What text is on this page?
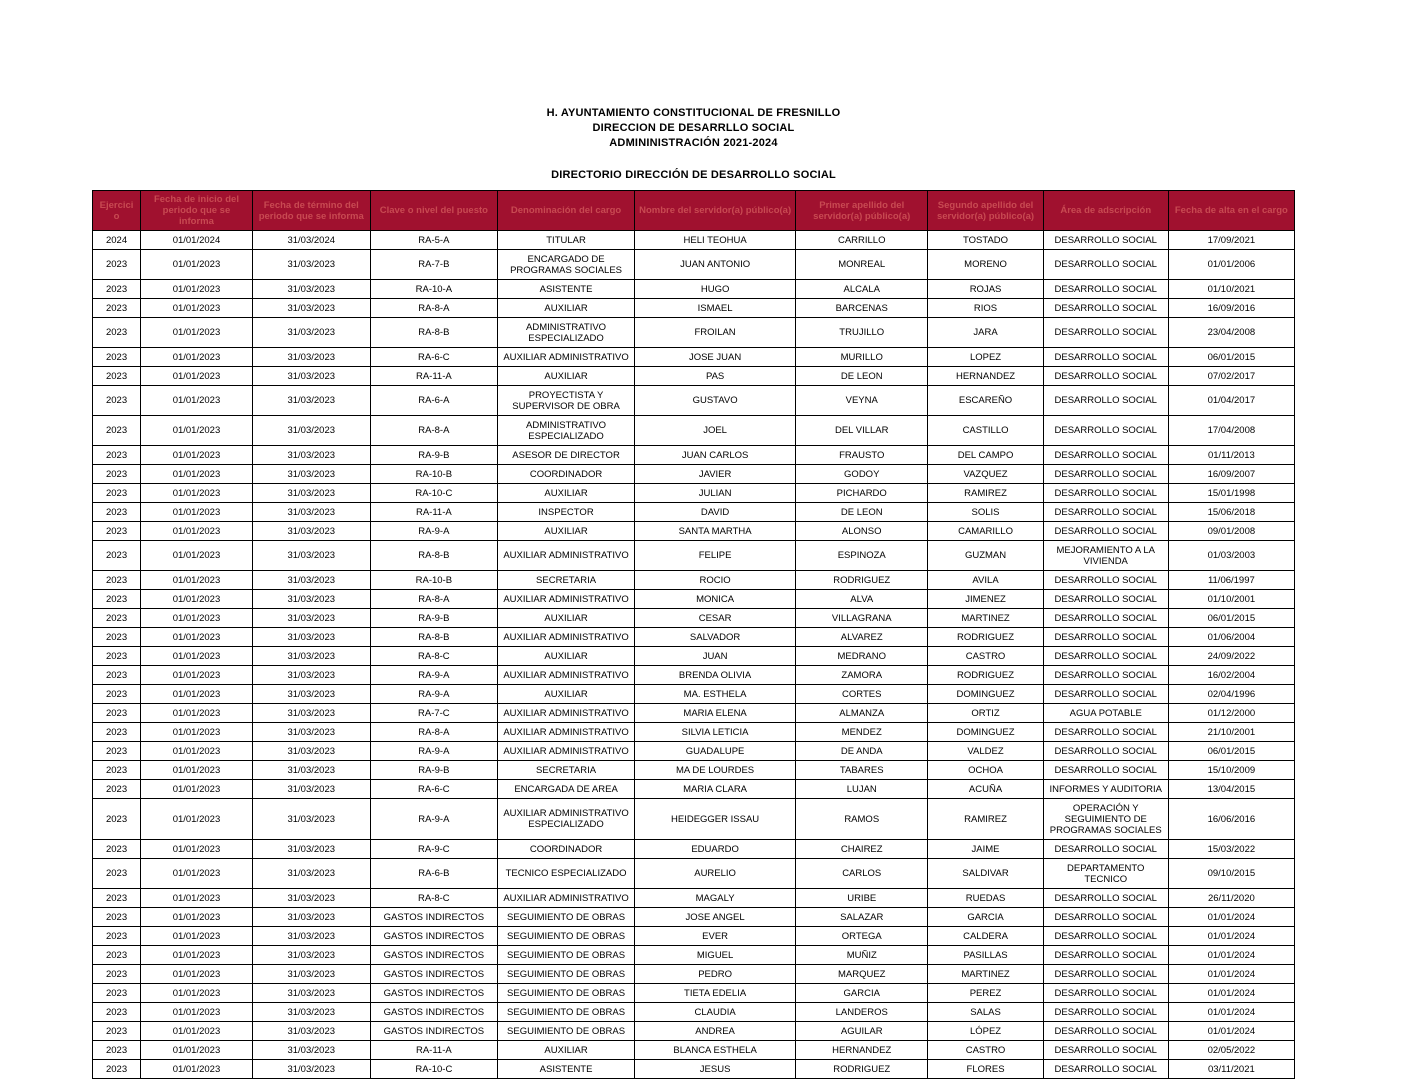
H. AYUNTAMIENTO CONSTITUCIONAL DE FRESNILLO
DIRECCION DE DESARRLLO SOCIAL
ADMININISTRACIÓN 2021-2024
DIRECTORIO DIRECCIÓN DE DESARROLLO SOCIAL
Ejercicio	Fecha de inicio del periodo que se informa	Fecha de término del periodo que se informa	Clave o nivel del puesto	Denominación del cargo	Nombre del servidor(a) público(a)	Primer apellido del servidor(a) público(a)	Segundo apellido del servidor(a) público(a)	Área de adscripción	Fecha de alta en el cargo
2024	01/01/2024	31/03/2024	RA-5-A	TITULAR	HELI TEOHUA	CARRILLO	TOSTADO	DESARROLLO SOCIAL	17/09/2021
2023	01/01/2023	31/03/2023	RA-7-B	ENCARGADO DE PROGRAMAS SOCIALES	JUAN ANTONIO	MONREAL	MORENO	DESARROLLO SOCIAL	01/01/2006
2023	01/01/2023	31/03/2023	RA-10-A	ASISTENTE	HUGO	ALCALA	ROJAS	DESARROLLO SOCIAL	01/10/2021
2023	01/01/2023	31/03/2023	RA-8-A	AUXILIAR	ISMAEL	BARCENAS	RIOS	DESARROLLO SOCIAL	16/09/2016
2023	01/01/2023	31/03/2023	RA-8-B	ADMINISTRATIVO ESPECIALIZADO	FROILAN	TRUJILLO	JARA	DESARROLLO SOCIAL	23/04/2008
2023	01/01/2023	31/03/2023	RA-6-C	AUXILIAR ADMINISTRATIVO	JOSE JUAN	MURILLO	LOPEZ	DESARROLLO SOCIAL	06/01/2015
2023	01/01/2023	31/03/2023	RA-11-A	AUXILIAR	PAS	DE LEON	HERNANDEZ	DESARROLLO SOCIAL	07/02/2017
2023	01/01/2023	31/03/2023	RA-6-A	PROYECTISTA Y SUPERVISOR DE OBRA	GUSTAVO	VEYNA	ESCAREÑO	DESARROLLO SOCIAL	01/04/2017
2023	01/01/2023	31/03/2023	RA-8-A	ADMINISTRATIVO ESPECIALIZADO	JOEL	DEL VILLAR	CASTILLO	DESARROLLO SOCIAL	17/04/2008
2023	01/01/2023	31/03/2023	RA-9-B	ASESOR DE DIRECTOR	JUAN CARLOS	FRAUSTO	DEL CAMPO	DESARROLLO SOCIAL	01/11/2013
2023	01/01/2023	31/03/2023	RA-10-B	COORDINADOR	JAVIER	GODOY	VAZQUEZ	DESARROLLO SOCIAL	16/09/2007
2023	01/01/2023	31/03/2023	RA-10-C	AUXILIAR	JULIAN	PICHARDO	RAMIREZ	DESARROLLO SOCIAL	15/01/1998
2023	01/01/2023	31/03/2023	RA-11-A	INSPECTOR	DAVID	DE LEON	SOLIS	DESARROLLO SOCIAL	15/06/2018
2023	01/01/2023	31/03/2023	RA-9-A	AUXILIAR	SANTA MARTHA	ALONSO	CAMARILLO	DESARROLLO SOCIAL	09/01/2008
2023	01/01/2023	31/03/2023	RA-8-B	AUXILIAR ADMINISTRATIVO	FELIPE	ESPINOZA	GUZMAN	MEJORAMIENTO A LA VIVIENDA	01/03/2003
2023	01/01/2023	31/03/2023	RA-10-B	SECRETARIA	ROCIO	RODRIGUEZ	AVILA	DESARROLLO SOCIAL	11/06/1997
2023	01/01/2023	31/03/2023	RA-8-A	AUXILIAR ADMINISTRATIVO	MONICA	ALVA	JIMENEZ	DESARROLLO SOCIAL	01/10/2001
2023	01/01/2023	31/03/2023	RA-9-B	AUXILIAR	CESAR	VILLAGRANA	MARTINEZ	DESARROLLO SOCIAL	06/01/2015
2023	01/01/2023	31/03/2023	RA-8-B	AUXILIAR ADMINISTRATIVO	SALVADOR	ALVAREZ	RODRIGUEZ	DESARROLLO SOCIAL	01/06/2004
2023	01/01/2023	31/03/2023	RA-8-C	AUXILIAR	JUAN	MEDRANO	CASTRO	DESARROLLO SOCIAL	24/09/2022
2023	01/01/2023	31/03/2023	RA-9-A	AUXILIAR ADMINISTRATIVO	BRENDA OLIVIA	ZAMORA	RODRIGUEZ	DESARROLLO SOCIAL	16/02/2004
2023	01/01/2023	31/03/2023	RA-9-A	AUXILIAR	MA. ESTHELA	CORTES	DOMINGUEZ	DESARROLLO SOCIAL	02/04/1996
2023	01/01/2023	31/03/2023	RA-7-C	AUXILIAR ADMINISTRATIVO	MARIA ELENA	ALMANZA	ORTIZ	AGUA POTABLE	01/12/2000
2023	01/01/2023	31/03/2023	RA-8-A	AUXILIAR ADMINISTRATIVO	SILVIA LETICIA	MENDEZ	DOMINGUEZ	DESARROLLO SOCIAL	21/10/2001
2023	01/01/2023	31/03/2023	RA-9-A	AUXILIAR ADMINISTRATIVO	GUADALUPE	DE ANDA	VALDEZ	DESARROLLO SOCIAL	06/01/2015
2023	01/01/2023	31/03/2023	RA-9-B	SECRETARIA	MA DE LOURDES	TABARES	OCHOA	DESARROLLO SOCIAL	15/10/2009
2023	01/01/2023	31/03/2023	RA-6-C	ENCARGADA DE AREA	MARIA CLARA	LUJAN	ACUÑA	INFORMES Y AUDITORIA	13/04/2015
2023	01/01/2023	31/03/2023	RA-9-A	AUXILIAR ADMINISTRATIVO ESPECIALIZADO	HEIDEGGER ISSAU	RAMOS	RAMIREZ	OPERACIÓN Y SEGUIMIENTO DE PROGRAMAS SOCIALES	16/06/2016
2023	01/01/2023	31/03/2023	RA-9-C	COORDINADOR	EDUARDO	CHAIREZ	JAIME	DESARROLLO SOCIAL	15/03/2022
2023	01/01/2023	31/03/2023	RA-6-B	TECNICO ESPECIALIZADO	AURELIO	CARLOS	SALDIVAR	DEPARTAMENTO TECNICO	09/10/2015
2023	01/01/2023	31/03/2023	RA-8-C	AUXILIAR ADMINISTRATIVO	MAGALY	URIBE	RUEDAS	DESARROLLO SOCIAL	26/11/2020
2023	01/01/2023	31/03/2023	GASTOS INDIRECTOS	SEGUIMIENTO DE OBRAS	JOSE ANGEL	SALAZAR	GARCIA	DESARROLLO SOCIAL	01/01/2024
2023	01/01/2023	31/03/2023	GASTOS INDIRECTOS	SEGUIMIENTO DE OBRAS	EVER	ORTEGA	CALDERA	DESARROLLO SOCIAL	01/01/2024
2023	01/01/2023	31/03/2023	GASTOS INDIRECTOS	SEGUIMIENTO DE OBRAS	MIGUEL	MUÑIZ	PASILLAS	DESARROLLO SOCIAL	01/01/2024
2023	01/01/2023	31/03/2023	GASTOS INDIRECTOS	SEGUIMIENTO DE OBRAS	PEDRO	MARQUEZ	MARTINEZ	DESARROLLO SOCIAL	01/01/2024
2023	01/01/2023	31/03/2023	GASTOS INDIRECTOS	SEGUIMIENTO DE OBRAS	TIETA EDELIA	GARCIA	PEREZ	DESARROLLO SOCIAL	01/01/2024
2023	01/01/2023	31/03/2023	GASTOS INDIRECTOS	SEGUIMIENTO DE OBRAS	CLAUDIA	LANDEROS	SALAS	DESARROLLO SOCIAL	01/01/2024
2023	01/01/2023	31/03/2023	GASTOS INDIRECTOS	SEGUIMIENTO DE OBRAS	ANDREA	AGUILAR	LÓPEZ	DESARROLLO SOCIAL	01/01/2024
2023	01/01/2023	31/03/2023	RA-11-A	AUXILIAR	BLANCA ESTHELA	HERNANDEZ	CASTRO	DESARROLLO SOCIAL	02/05/2022
2023	01/01/2023	31/03/2023	RA-10-C	ASISTENTE	JESUS	RODRIGUEZ	FLORES	DESARROLLO SOCIAL	03/11/2021
